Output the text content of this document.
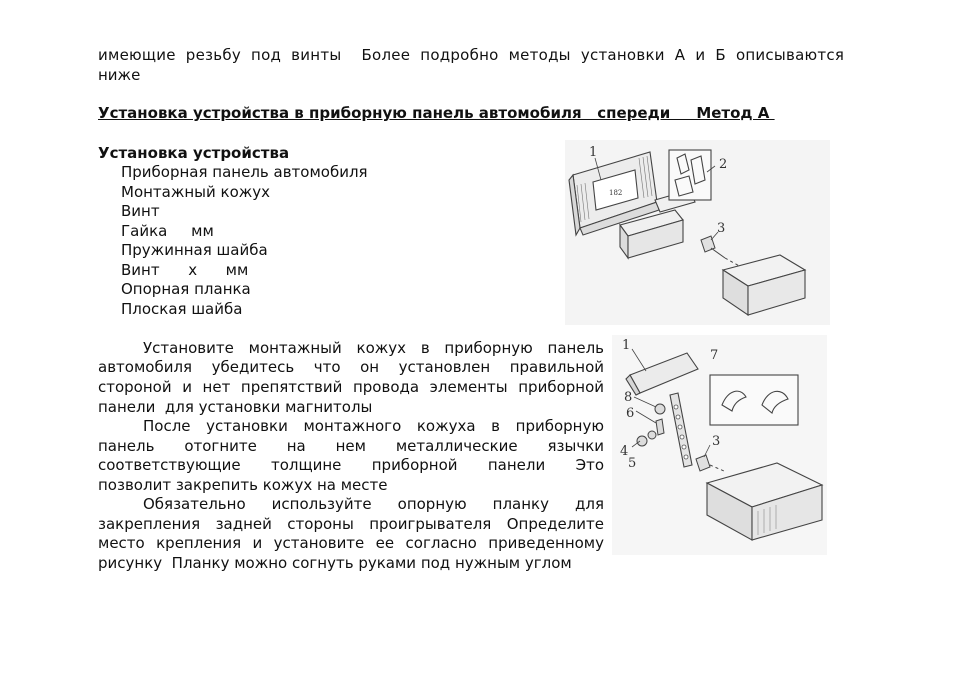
имеющие  резьбу  под  винты    Более  подробно  методы  установки  А  и  Б  описываются
ниже
Установка устройства в приборную панель автомобиля   спереди     Метод А
Установка устройства
Приборная панель автомобиля
Монтажный кожух
Винт
Гайка     мм
Пружинная шайба
Винт      х      мм
Опорная планка
Плоская шайба
Установите монтажный кожух в приборную панель
автомобиля убедитесь что он установлен правильной
стороной и нет препятствий провода элементы приборной
панели  для установки магнитолы
После установки монтажного кожуха в приборную
панель отогните на нем металлические язычки
соответствующие толщине приборной панели Это
позволит закрепить кожух на месте
Обязательно используйте опорную планку для
закрепления задней стороны проигрывателя Определите
место крепления и установите ее согласно приведенному
рисунку  Планку можно согнуть руками под нужным углом
182
1
2
3
1
7
8
6
4
5
3
